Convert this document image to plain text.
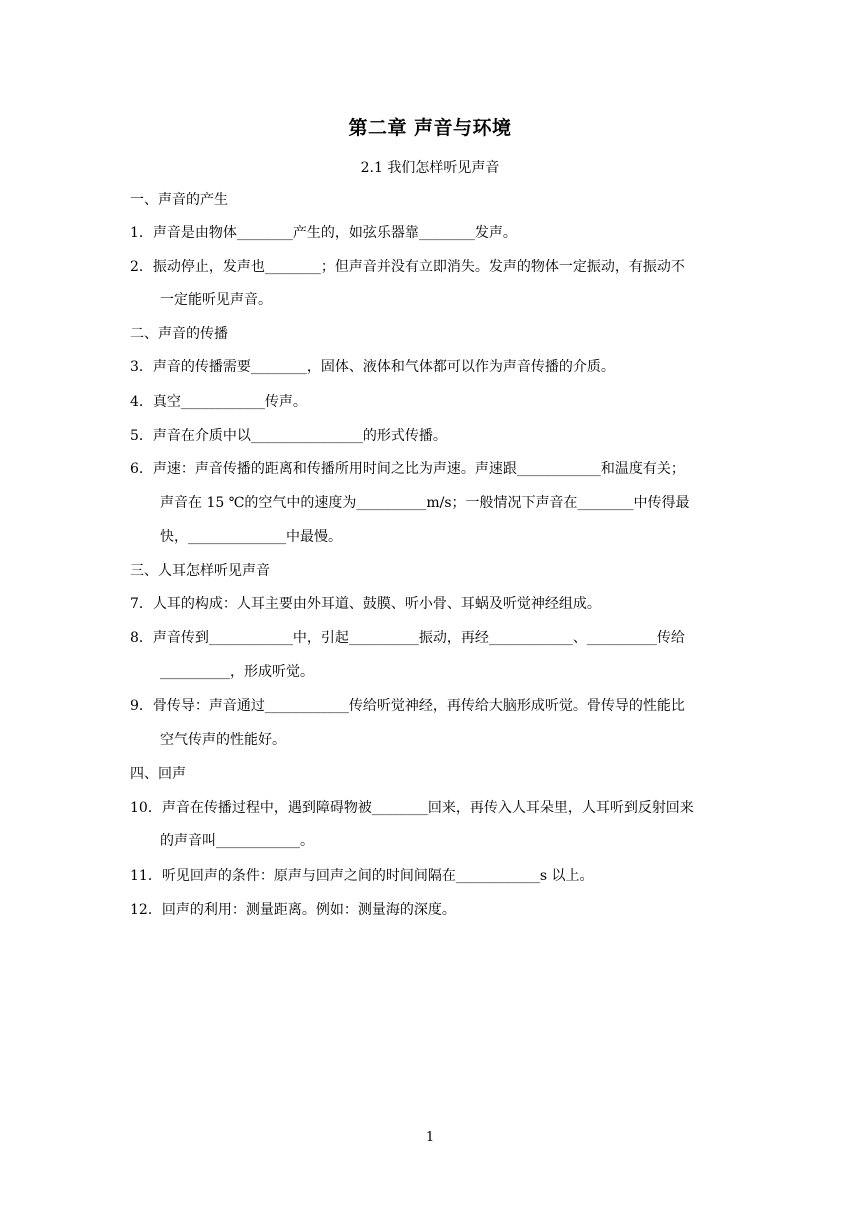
第二章 声音与环境
2.1 我们怎样听见声音
一、声音的产生
1．声音是由物体________产生的，如弦乐器靠________发声。
2．振动停止，发声也________；但声音并没有立即消失。发声的物体一定振动，有振动不
一定能听见声音。
二、声音的传播
3．声音的传播需要________，固体、液体和气体都可以作为声音传播的介质。
4．真空____________传声。
5．声音在介质中以________________的形式传播。
6．声速：声音传播的距离和传播所用时间之比为声速。声速跟____________和温度有关；
声音在 15 ℃的空气中的速度为__________m/s；一般情况下声音在________中传得最
快，______________中最慢。
三、人耳怎样听见声音
7．人耳的构成：人耳主要由外耳道、鼓膜、听小骨、耳蜗及听觉神经组成。
8．声音传到____________中，引起__________振动，再经____________、__________传给
__________，形成听觉。
9．骨传导：声音通过____________传给听觉神经，再传给大脑形成听觉。骨传导的性能比
空气传声的性能好。
四、回声
10．声音在传播过程中，遇到障碍物被________回来，再传入人耳朵里，人耳听到反射回来
的声音叫____________。
11．听见回声的条件：原声与回声之间的时间间隔在____________s 以上。
12．回声的利用：测量距离。例如：测量海的深度。
1
